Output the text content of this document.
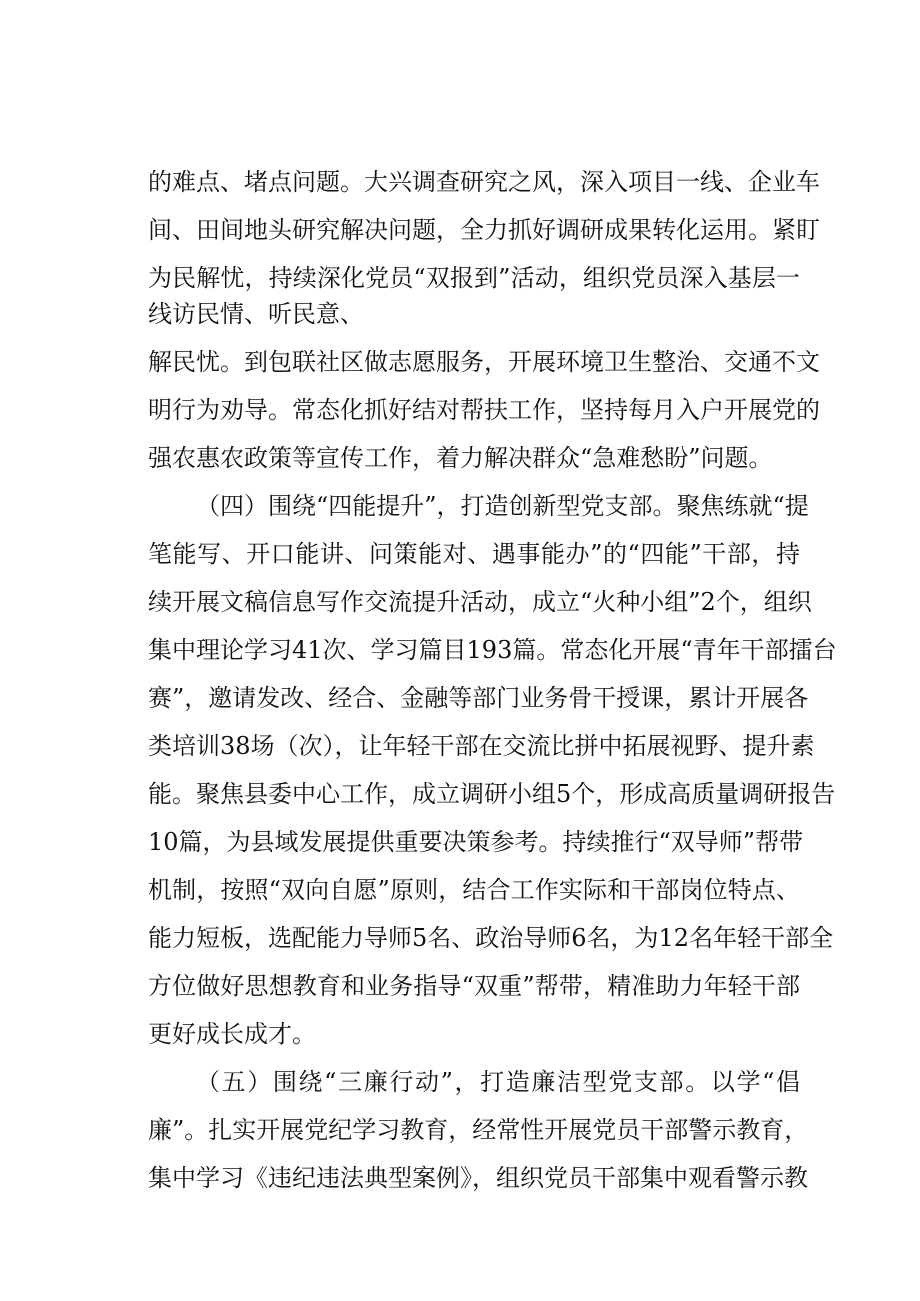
的难点、堵点问题。大兴调查研究之风，深入项目一线、企业车
间、田间地头研究解决问题，全力抓好调研成果转化运用。紧盯
为民解忧，持续深化党员“双报到”活动，组织党员深入基层一
线访民情、听民意、
解民忧。到包联社区做志愿服务，开展环境卫生整治、交通不文
明行为劝导。常态化抓好结对帮扶工作，坚持每月入户开展党的
强农惠农政策等宣传工作，着力解决群众“急难愁盼”问题。
（四）围绕“四能提升”，打造创新型党支部。聚焦练就“提
笔能写、开口能讲、问策能对、遇事能办”的“四能”干部，持
续开展文稿信息写作交流提升活动，成立“火种小组”2个，组织
集中理论学习41次、学习篇目193篇。常态化开展“青年干部擂台
赛”，邀请发改、经合、金融等部门业务骨干授课，累计开展各
类培训38场（次），让年轻干部在交流比拼中拓展视野、提升素
能。聚焦县委中心工作，成立调研小组5个，形成高质量调研报告
10篇，为县域发展提供重要决策参考。持续推行“双导师”帮带
机制，按照“双向自愿”原则，结合工作实际和干部岗位特点、
能力短板，选配能力导师5名、政治导师6名，为12名年轻干部全
方位做好思想教育和业务指导“双重”帮带，精准助力年轻干部
更好成长成才。
（五）围绕“三廉行动”，打造廉洁型党支部。以学“倡
廉”。扎实开展党纪学习教育，经常性开展党员干部警示教育，
集中学习《违纪违法典型案例》，组织党员干部集中观看警示教
